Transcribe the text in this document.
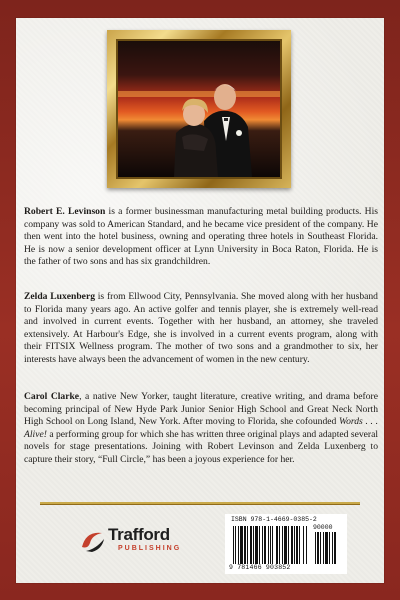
Robert E. Levinson is a former businessman manufacturing metal building products. His company was sold to American Standard, and he became vice president of the company. He then went into the hotel business, owning and operating three hotels in Southeast Florida. He is now a senior development officer at Lynn University in Boca Raton, Florida. He is the father of two sons and has six grandchildren.

Zelda Luxenberg is from Ellwood City, Pennsylvania. She moved along with her husband to Florida many years ago. An active golfer and tennis player, she is extremely well-read and involved in current events. Together with her husband, an attorney, she traveled extensively. At Harbour's Edge, she is involved in a current events program, along with their FITSIX Wellness program. The mother of two sons and a grandmother to six, her interests have always been the advancement of women in the new century.

Carol Clarke, a native New Yorker, taught literature, creative writing, and drama before becoming principal of New Hyde Park Junior Senior High School and Great Neck North High School on Long Island, New York. After moving to Florida, she cofounded Words . . . Alive! a performing group for which she has written three original plays and adapted several novels for stage presentations. Joining with Robert Levinson and Zelda Luxenberg to capture their story, “Full Circle,” has been a joyous experience for her.

Trafford
PUBLISHING
ISBN 978-1-4669-0385-2
90000
9 781466 903852
